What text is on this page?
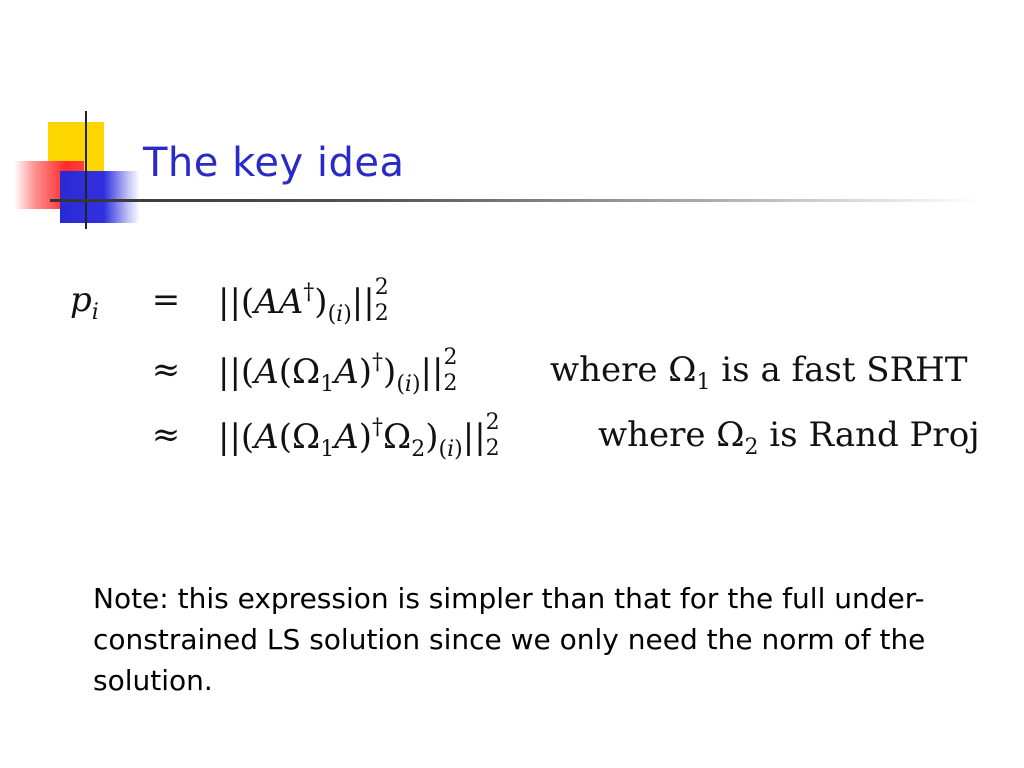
The key idea
$p_i = ||(AA^\dagger)_{(i)}||$ 2
2
≈ $||(A(\Omega_1A)^\dagger)_{(i)}||$ 2
2	where $\Omega_1$ is a fast SRHT
≈ $||(A(\Omega_1A)^\dagger\Omega_2)_{(i)}||$ 2
2	where $\Omega_2$ is Rand Proj

Note: this expression is simpler than that for the full under-constrained LS solution since we only need the norm of the solution.
